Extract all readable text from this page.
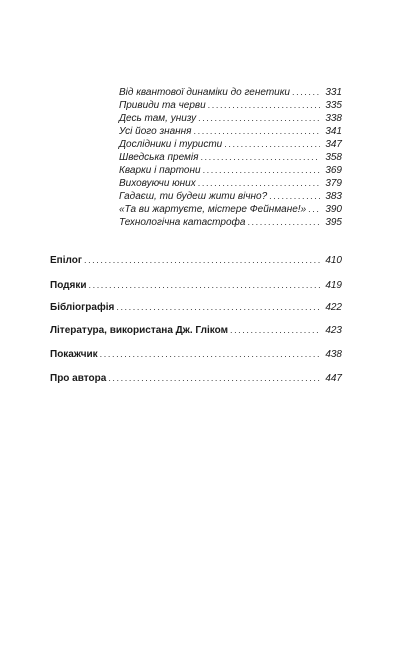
Від квантової динаміки до генетики .....	331
Привиди та черви .....	335
Десь там, унизу .....	338
Усі його знання .....	341
Дослідники і туристи .....	347
Шведська премія .....	358
Кварки і партони .....	369
Виховуючи юних .....	379
Гадаєш, ти будеш жити вічно? .....	383
«Та ви жартуєте, містере Фейнмане!» .....	390
Технологічна катастрофа .....	395
Епілог .....	410
Подяки .....	419
Бібліографія .....	422
Література, використана Дж. Гліком .....	423
Покажчик .....	438
Про автора .....	447
